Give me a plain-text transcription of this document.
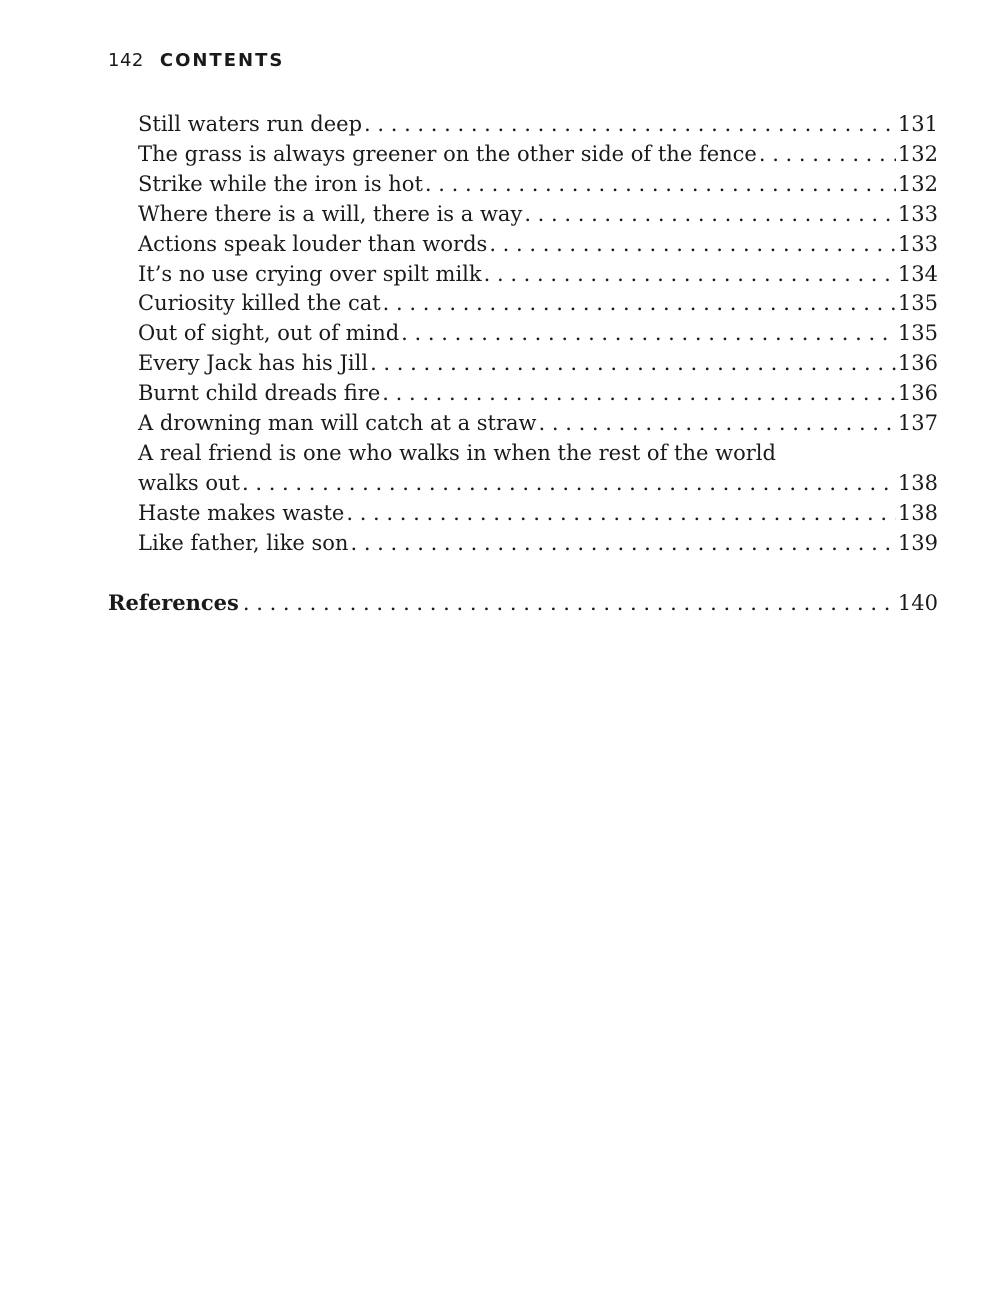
142 CONTENTS
Still waters run deep . . .	131
The grass is always greener on the other side of the fence . . .	132
Strike while the iron is hot . . .	132
Where there is a will, there is a way . . .	133
Actions speak louder than words . . .	133
It’s no use crying over spilt milk . . .	134
Curiosity killed the cat . . .	135
Out of sight, out of mind . . .	135
Every Jack has his Jill . . .	136
Burnt child dreads fire . . .	136
A drowning man will catch at a straw . . .	137
A real friend is one who walks in when the rest of the world
walks out . . .	138
Haste makes waste . . .	138
Like father, like son . . .	139
References . . .	140
